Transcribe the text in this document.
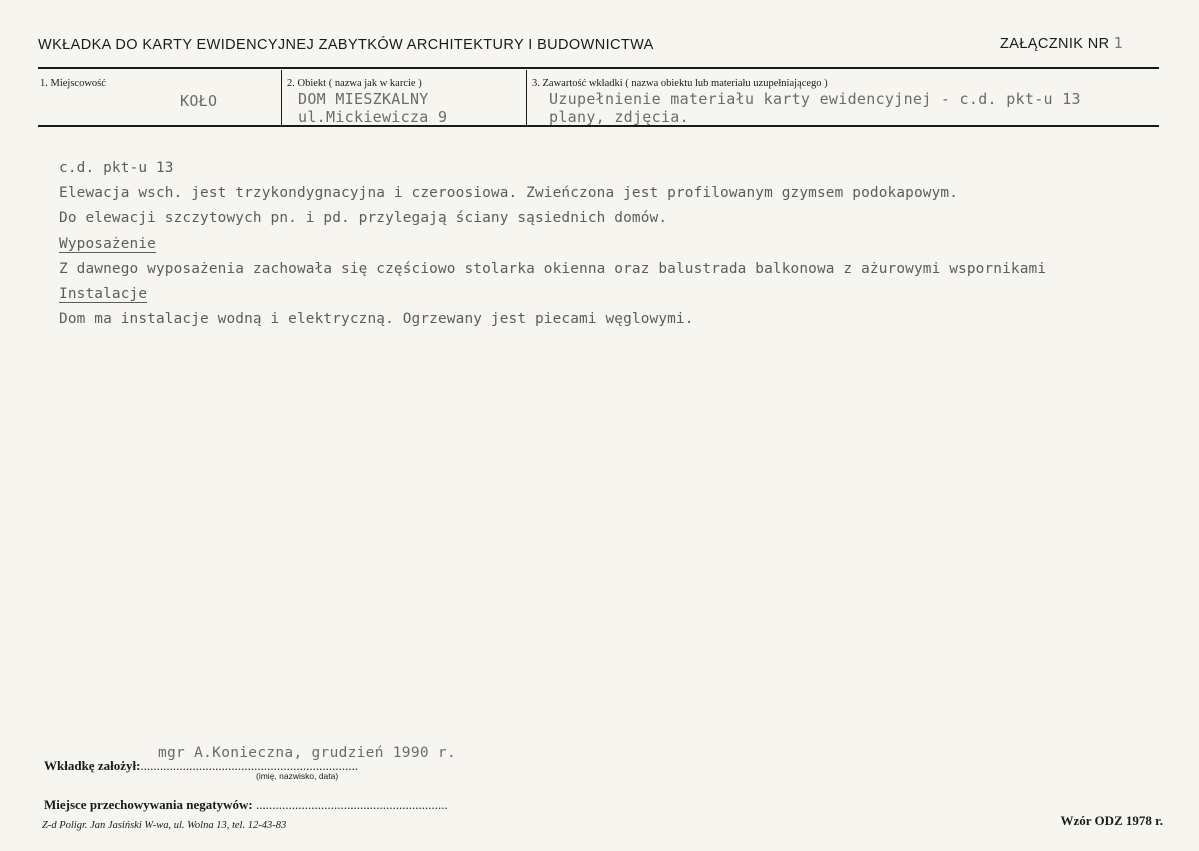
WKŁADKA DO KARTY EWIDENCYJNEJ ZABYTKÓW ARCHITEKTURY I BUDOWNICTWA	ZAŁĄCZNIK NR 1
1. Miejscowość
KOŁO
2. Obiekt ( nazwa jak w karcie )
DOM MIESZKALNY
ul.Mickiewicza 9
3. Zawartość wkładki ( nazwa obiektu lub materiału uzupełniającego )
Uzupełnienie materiału karty ewidencyjnej - c.d. pkt-u 13
plany, zdjęcia.
c.d. pkt-u 13
Elewacja wsch. jest trzykondygnacyjna i czeroosiowa. Zwieńczona jest profilowanym gzymsem podokapowym.
Do elewacji szczytowych pn. i pd. przylegają ściany sąsiednich domów.
Wyposażenie
Z dawnego wyposażenia zachowała się częściowo stolarka okienna oraz balustrada balkonowa z ażurowymi wspornikami
Instalacje
Dom ma instalacje wodną i elektryczną. Ogrzewany jest piecami węglowymi.
mgr A.Konieczna, grudzień 1990 r.
Wkładkę założył:...................................................................
(imię, nazwisko, data)
Miejsce przechowywania negatywów: ...........................................................
Z-d Poligr. Jan Jasiński W-wa, ul. Wolna 13, tel. 12-43-83	Wzór ODZ 1978 r.
